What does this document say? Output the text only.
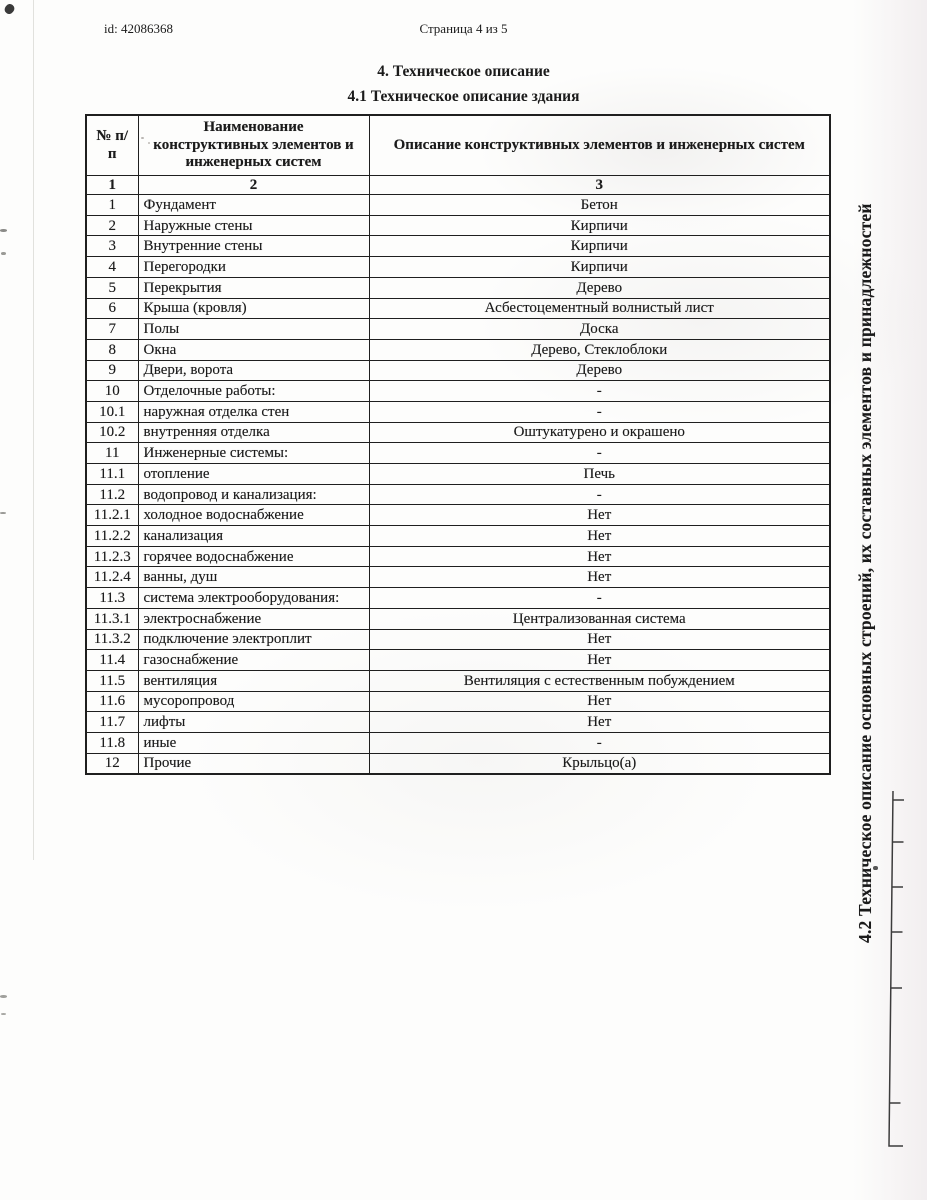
id: 42086368	Страница 4 из 5
4. Техническое описание
4.1 Техническое описание здания
№ п/п	Наименование конструктивных элементов и инженерных систем	Описание конструктивных элементов и инженерных систем
1	2	3
1	Фундамент	Бетон
2	Наружные стены	Кирпичи
3	Внутренние стены	Кирпичи
4	Перегородки	Кирпичи
5	Перекрытия	Дерево
6	Крыша (кровля)	Асбестоцементный волнистый лист
7	Полы	Доска
8	Окна	Дерево, Стеклоблоки
9	Двери, ворота	Дерево
10	Отделочные работы:	-
10.1	наружная отделка стен	-
10.2	внутренняя отделка	Оштукатурено и окрашено
11	Инженерные системы:	-
11.1	отопление	Печь
11.2	водопровод и канализация:	-
11.2.1	холодное водоснабжение	Нет
11.2.2	канализация	Нет
11.2.3	горячее водоснабжение	Нет
11.2.4	ванны, душ	Нет
11.3	система электрооборудования:	-
11.3.1	электроснабжение	Централизованная система
11.3.2	подключение электроплит	Нет
11.4	газоснабжение	Нет
11.5	вентиляция	Вентиляция с естественным побуждением
11.6	мусоропровод	Нет
11.7	лифты	Нет
11.8	иные	-
12	Прочие	Крыльцо(а)	4.2 Техническое описание основных строений, их составных элементов и принадлежностей
